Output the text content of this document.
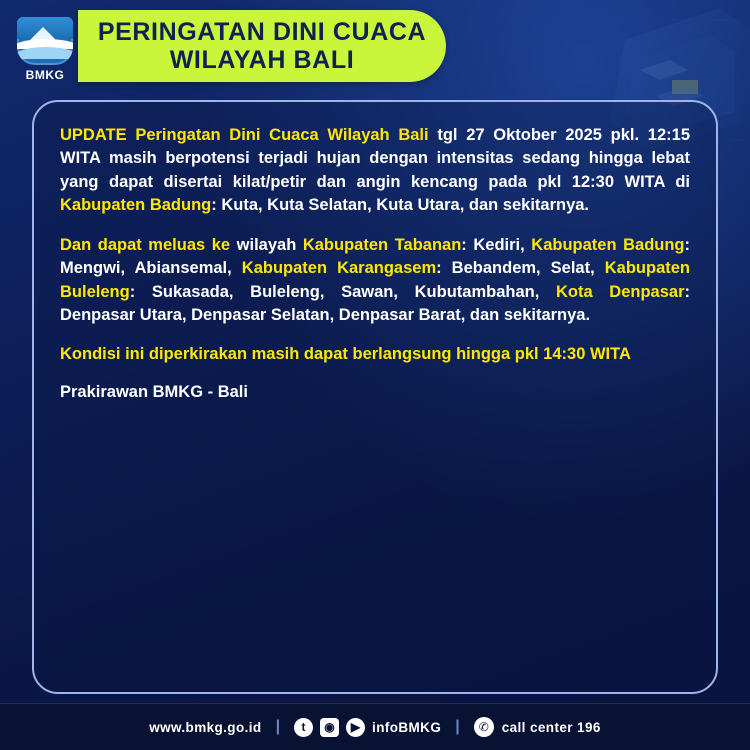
BMKG
PERINGATAN DINI CUACA
WILAYAH BALI

UPDATE Peringatan Dini Cuaca Wilayah Bali tgl 27 Oktober 2025 pkl. 12:15 WITA masih berpotensi terjadi hujan dengan intensitas sedang hingga lebat yang dapat disertai kilat/petir dan angin kencang pada pkl 12:30 WITA di Kabupaten Badung: Kuta, Kuta Selatan, Kuta Utara, dan sekitarnya.

Dan dapat meluas ke wilayah Kabupaten Tabanan: Kediri, Kabupaten Badung: Mengwi, Abiansemal, Kabupaten Karangasem: Bebandem, Selat, Kabupaten Buleleng: Sukasada, Buleleng, Sawan, Kubutambahan, Kota Denpasar: Denpasar Utara, Denpasar Selatan, Denpasar Barat, dan sekitarnya.

Kondisi ini diperkirakan masih dapat berlangsung hingga pkl 14:30 WITA

Prakirawan BMKG - Bali

www.bmkg.go.id |	t	◉	▶ infoBMKG |	✆ call center 196
